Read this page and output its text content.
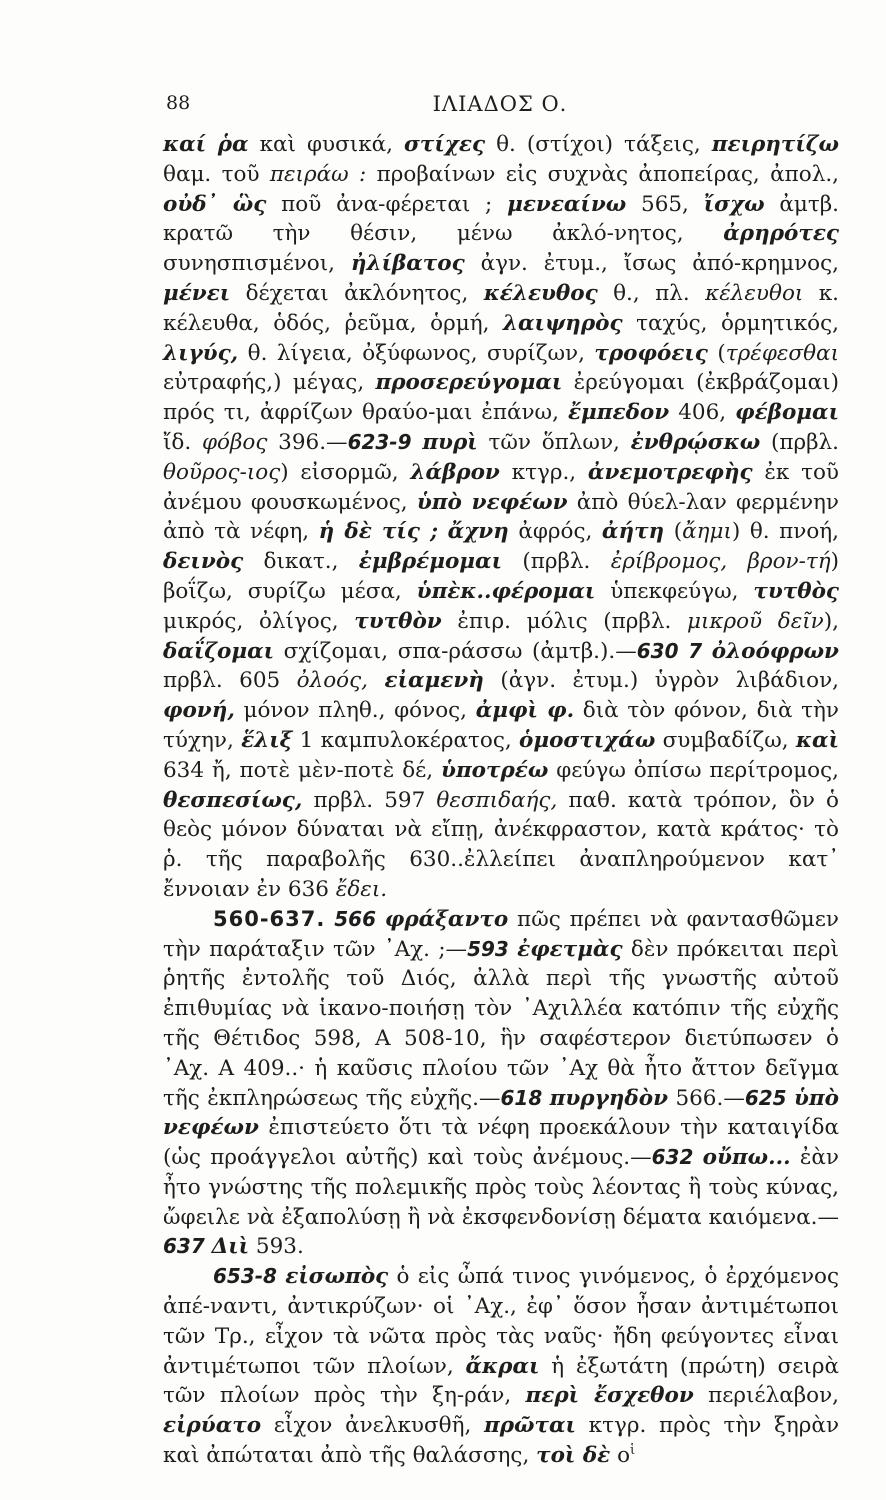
88	ΙΛΙΑΔΟΣ Ο.

καί ῥα καὶ φυσικά, στίχες θ. (στίχοι) τάξεις, πειρητίζω θαμ. τοῦ πειράω : προβαίνων εἰς συχνὰς ἀποπείρας, ἀπολ., οὐδ᾽ ὣς ποῦ ἀνα-φέρεται ; μενεαίνω 565, ἴσχω ἀμτβ. κρατῶ τὴν θέσιν, μένω ἀκλό-νητος, ἀρηρότες συνησπισμένοι, ἠλίβατος ἀγν. ἐτυμ., ἴσως ἀπό-κρημνος, μένει δέχεται ἀκλόνητος, κέλευθος θ., πλ. κέλευθοι κ. κέλευθα, ὁδός, ῥεῦμα, ὁρμή, λαιψηρὸς ταχύς, ὁρμητικός, λιγύς, θ. λίγεια, ὀξύφωνος, συρίζων, τροφόεις (τρέφεσθαι εὐτραφής,) μέγας, προσερεύγομαι ἐρεύγομαι (ἐκβράζομαι) πρός τι, ἀφρίζων θραύο-μαι ἐπάνω, ἔμπεδον 406, φέβομαι ἴδ. φόβος 396.—623-9 πυρὶ τῶν ὅπλων, ἐνθρῴσκω (πρβλ. θοῦρος-ιος) εἰσορμῶ, λάβρον κτγρ., ἀνεμοτρεφὴς ἐκ τοῦ ἀνέμου φουσκωμένος, ὑπὸ νεφέων ἀπὸ θύελ-λαν φερμένην ἀπὸ τὰ νέφη, ἡ δὲ τίς ; ἄχνη ἀφρός, ἀήτη (ἄημι) θ. πνοή, δεινὸς δικατ., ἐμβρέμομαι (πρβλ. ἐρίβρομος, βρον-τή) βοΐζω, συρίζω μέσα, ὑπὲκ..φέρομαι ὑπεκφεύγω, τυτθὸς μικρός, ὀλίγος, τυτθὸν ἐπιρ. μόλις (πρβλ. μικροῦ δεῖν), δαΐζομαι σχίζομαι, σπα-ράσσω (ἀμτβ.).—630 7 ὀλοόφρων πρβλ. 605 ὀλοός, εἰαμενὴ (ἀγν. ἐτυμ.) ὑγρὸν λιβάδιον, φονή, μόνον πληθ., φόνος, ἀμφὶ φ. διὰ τὸν φόνον, διὰ τὴν τύχην, ἕλιξ 1 καμπυλοκέρατος, ὁμοστιχάω συμβαδίζω, καὶ 634 ἤ, ποτὲ μὲν-ποτὲ δέ, ὑποτρέω φεύγω ὀπίσω περίτρομος, θεσπεσίως, πρβλ. 597 θεσπιδαής, παθ. κατὰ τρόπον, ὃν ὁ θεὸς μόνον δύναται νὰ εἴπῃ, ἀνέκφραστον, κατὰ κράτος· τὸ ῥ. τῆς παραβολῆς 630..ἐλλείπει ἀναπληρούμενον κατ᾽ ἔννοιαν ἐν 636 ἔδει.

560-637. 566 φράξαντο πῶς πρέπει νὰ φαντασθῶμεν τὴν παράταξιν τῶν ᾽Αχ. ;—593 ἐφετμὰς δὲν πρόκειται περὶ ῥητῆς ἐντολῆς τοῦ Διός, ἀλλὰ περὶ τῆς γνωστῆς αὐτοῦ ἐπιθυμίας νὰ ἱκανο-ποιήσῃ τὸν ᾽Αχιλλέα κατόπιν τῆς εὐχῆς τῆς Θέτιδος 598, Α 508-10, ἣν σαφέστερον διετύπωσεν ὁ ᾽Αχ. Α 409..· ἡ καῦσις πλοίου τῶν ᾽Αχ θὰ ἦτο ἄττον δεῖγμα τῆς ἐκπληρώσεως τῆς εὐχῆς.—618 πυργηδὸν 566.—625 ὑπὸ νεφέων ἐπιστεύετο ὅτι τὰ νέφη προεκάλουν τὴν καταιγίδα (ὡς προάγγελοι αὐτῆς) καὶ τοὺς ἀνέμους.—632 οὔπω... ἐὰν ἦτο γνώστης τῆς πολεμικῆς πρὸς τοὺς λέοντας ἢ τοὺς κύνας, ὤφειλε νὰ ἐξαπολύσῃ ἢ νὰ ἐκσφενδονίσῃ δέματα καιόμενα.—637 Διὶ 593.

653-8 εἰσωπὸς ὁ εἰς ὦπά τινος γινόμενος, ὁ ἐρχόμενος ἀπέ-ναντι, ἀντικρύζων· οἱ ᾽Αχ., ἐφ᾽ ὅσον ἦσαν ἀντιμέτωποι τῶν Τρ., εἶχον τὰ νῶτα πρὸς τὰς ναῦς· ἤδη φεύγοντες εἶναι ἀντιμέτωποι τῶν πλοίων, ἄκραι ἡ ἐξωτάτη (πρώτη) σειρὰ τῶν πλοίων πρὸς τὴν ξη-ράν, περὶ ἔσχεθον περιέλαβον, εἰρύατο εἶχον ἀνελκυσθῆ, πρῶται κτγρ. πρὸς τὴν ξηρὰν καὶ ἀπώταται ἀπὸ τῆς θαλάσσης, τοὶ δὲ $o^ἱ$
